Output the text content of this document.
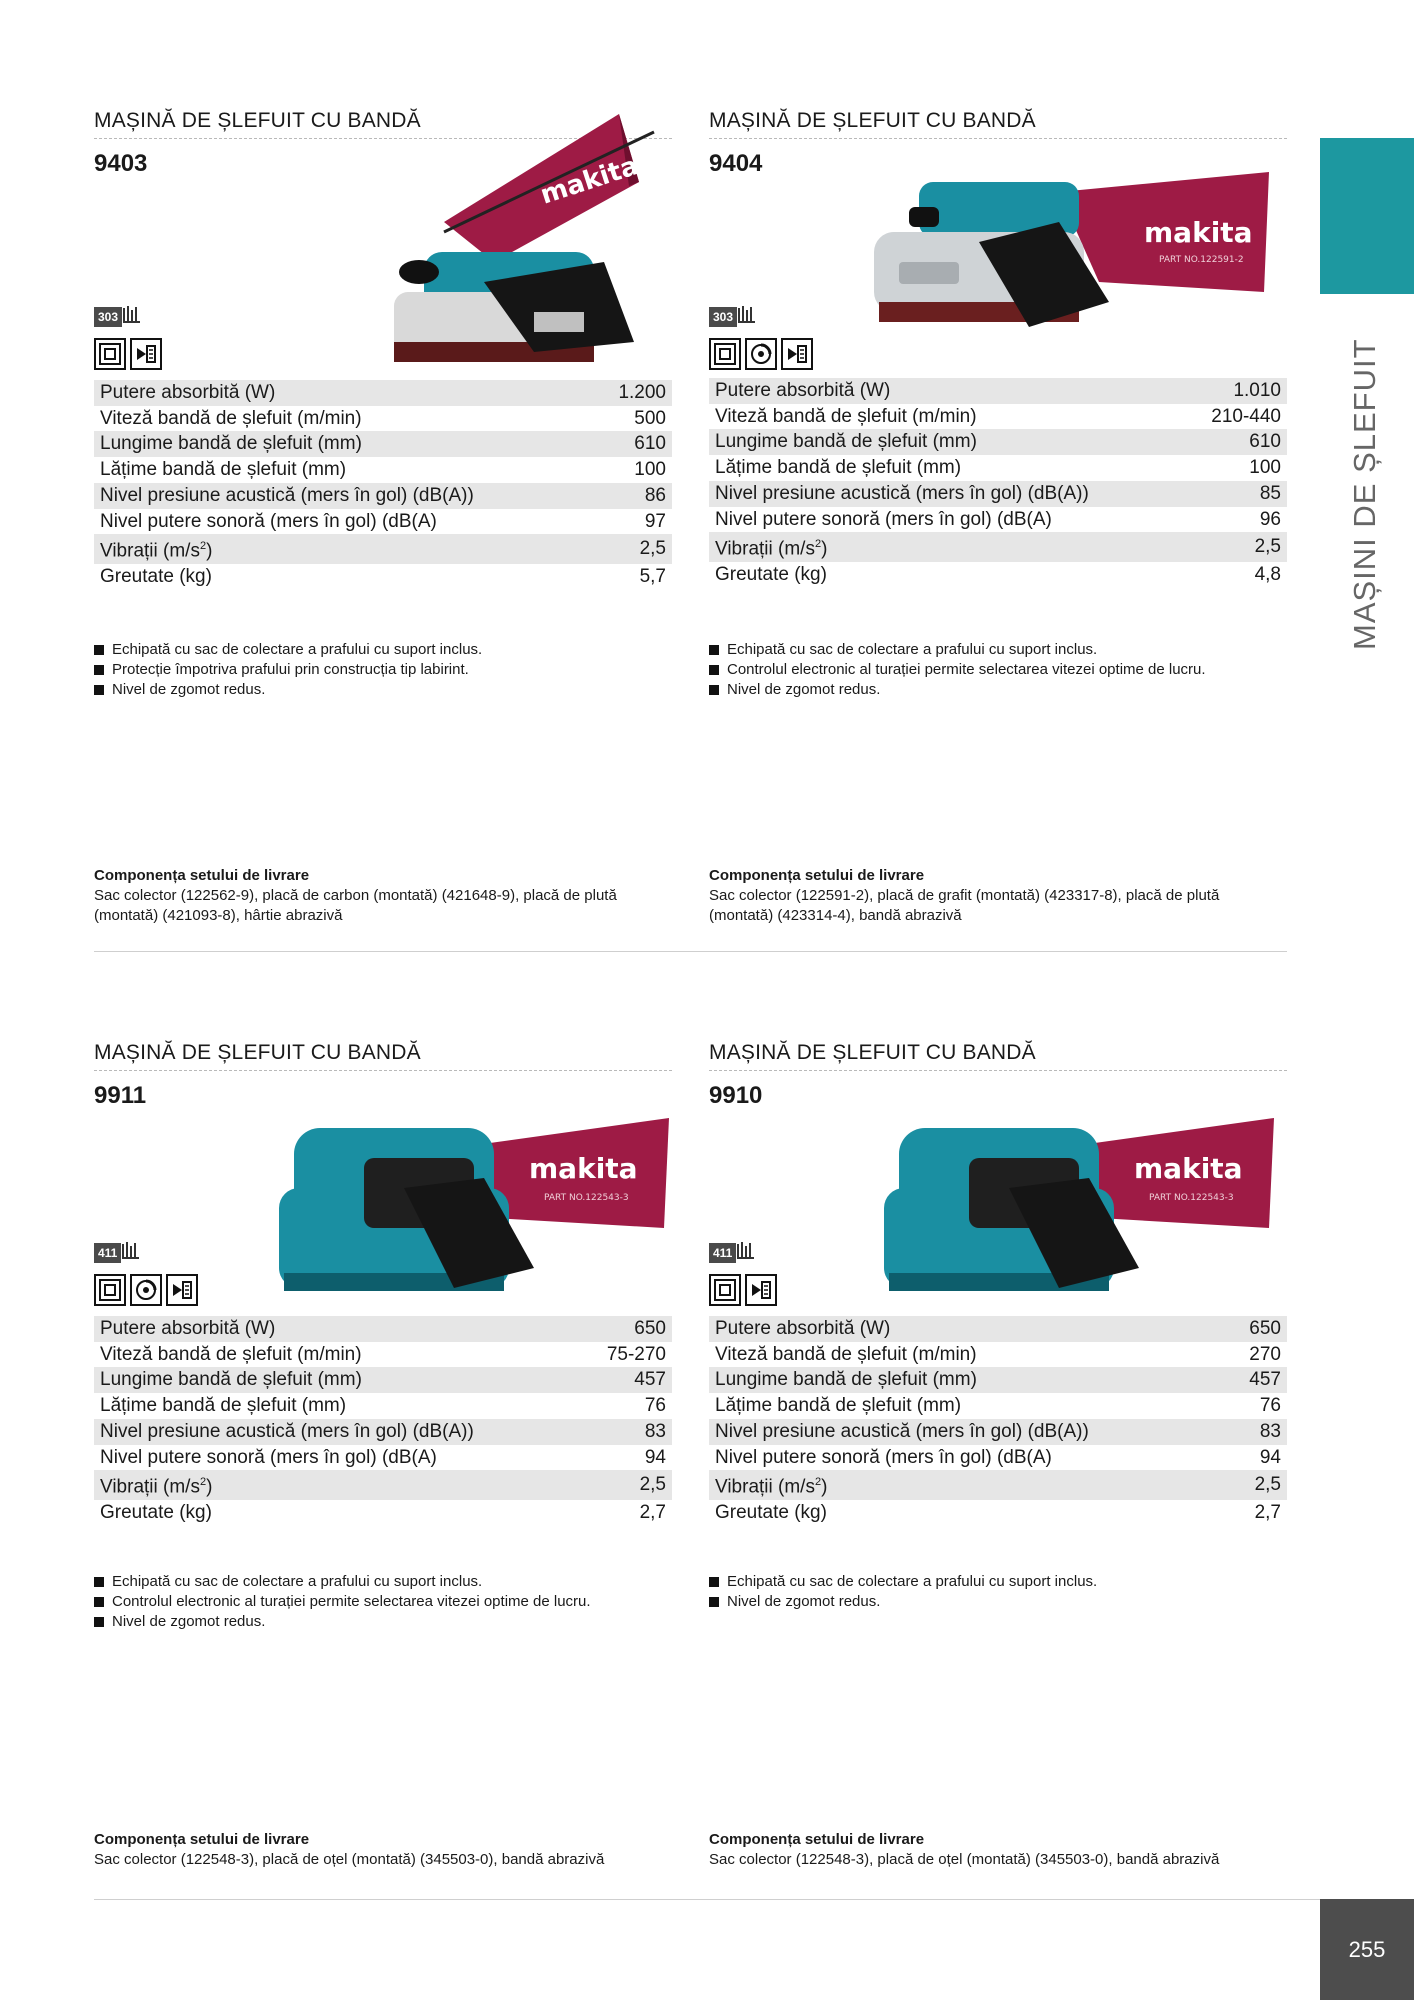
MAȘINI DE ȘLEFUIT
255
MAȘINĂ DE ȘLEFUIT CU BANDĂ
9403	makita
303
Putere absorbită (W)	1.200
Viteză bandă de șlefuit (m/min)	500
Lungime bandă de șlefuit (mm)	610
Lățime bandă de șlefuit (mm)	100
Nivel presiune acustică (mers în gol) (dB(A))	86
Nivel putere sonoră (mers în gol) (dB(A)	97
Vibrații $(m/s^2)$	2,5
Greutate (kg)	5,7
Echipată cu sac de colectare a prafului cu suport inclus.
Protecție împotriva prafului prin construcția tip labirint.
Nivel de zgomot redus.
Componența setului de livrare
Sac colector (122562-9), placă de carbon (montată) (421648-9), placă de plută (montată) (421093-8), hârtie abrazivă
MAȘINĂ DE ȘLEFUIT CU BANDĂ
9404
makita
PART NO.122591-2
303
Putere absorbită (W)	1.010
Viteză bandă de șlefuit (m/min)	210-440
Lungime bandă de șlefuit (mm)	610
Lățime bandă de șlefuit (mm)	100
Nivel presiune acustică (mers în gol) (dB(A))	85
Nivel putere sonoră (mers în gol) (dB(A)	96
Vibrații $(m/s^2)$	2,5
Greutate (kg)	4,8
Echipată cu sac de colectare a prafului cu suport inclus.
Controlul electronic al turației permite selectarea vitezei optime de lucru.
Nivel de zgomot redus.
Componența setului de livrare
Sac colector (122591-2), placă de grafit (montată) (423317-8), placă de plută (montată) (423314-4), bandă abrazivă
MAȘINĂ DE ȘLEFUIT CU BANDĂ
9911
makita
PART NO.122543-3
411
Putere absorbită (W)	650
Viteză bandă de șlefuit (m/min)	75-270
Lungime bandă de șlefuit (mm)	457
Lățime bandă de șlefuit (mm)	76
Nivel presiune acustică (mers în gol) (dB(A))	83
Nivel putere sonoră (mers în gol) (dB(A)	94
Vibrații $(m/s^2)$	2,5
Greutate (kg)	2,7
Echipată cu sac de colectare a prafului cu suport inclus.
Controlul electronic al turației permite selectarea vitezei optime de lucru.
Nivel de zgomot redus.
Componența setului de livrare
Sac colector (122548-3), placă de oțel (montată) (345503-0), bandă abrazivă
MAȘINĂ DE ȘLEFUIT CU BANDĂ
9910
makita
PART NO.122543-3
411
Putere absorbită (W)	650
Viteză bandă de șlefuit (m/min)	270
Lungime bandă de șlefuit (mm)	457
Lățime bandă de șlefuit (mm)	76
Nivel presiune acustică (mers în gol) (dB(A))	83
Nivel putere sonoră (mers în gol) (dB(A)	94
Vibrații $(m/s^2)$	2,5
Greutate (kg)	2,7
Echipată cu sac de colectare a prafului cu suport inclus.
Nivel de zgomot redus.
Componența setului de livrare
Sac colector (122548-3), placă de oțel (montată) (345503-0), bandă abrazivă
